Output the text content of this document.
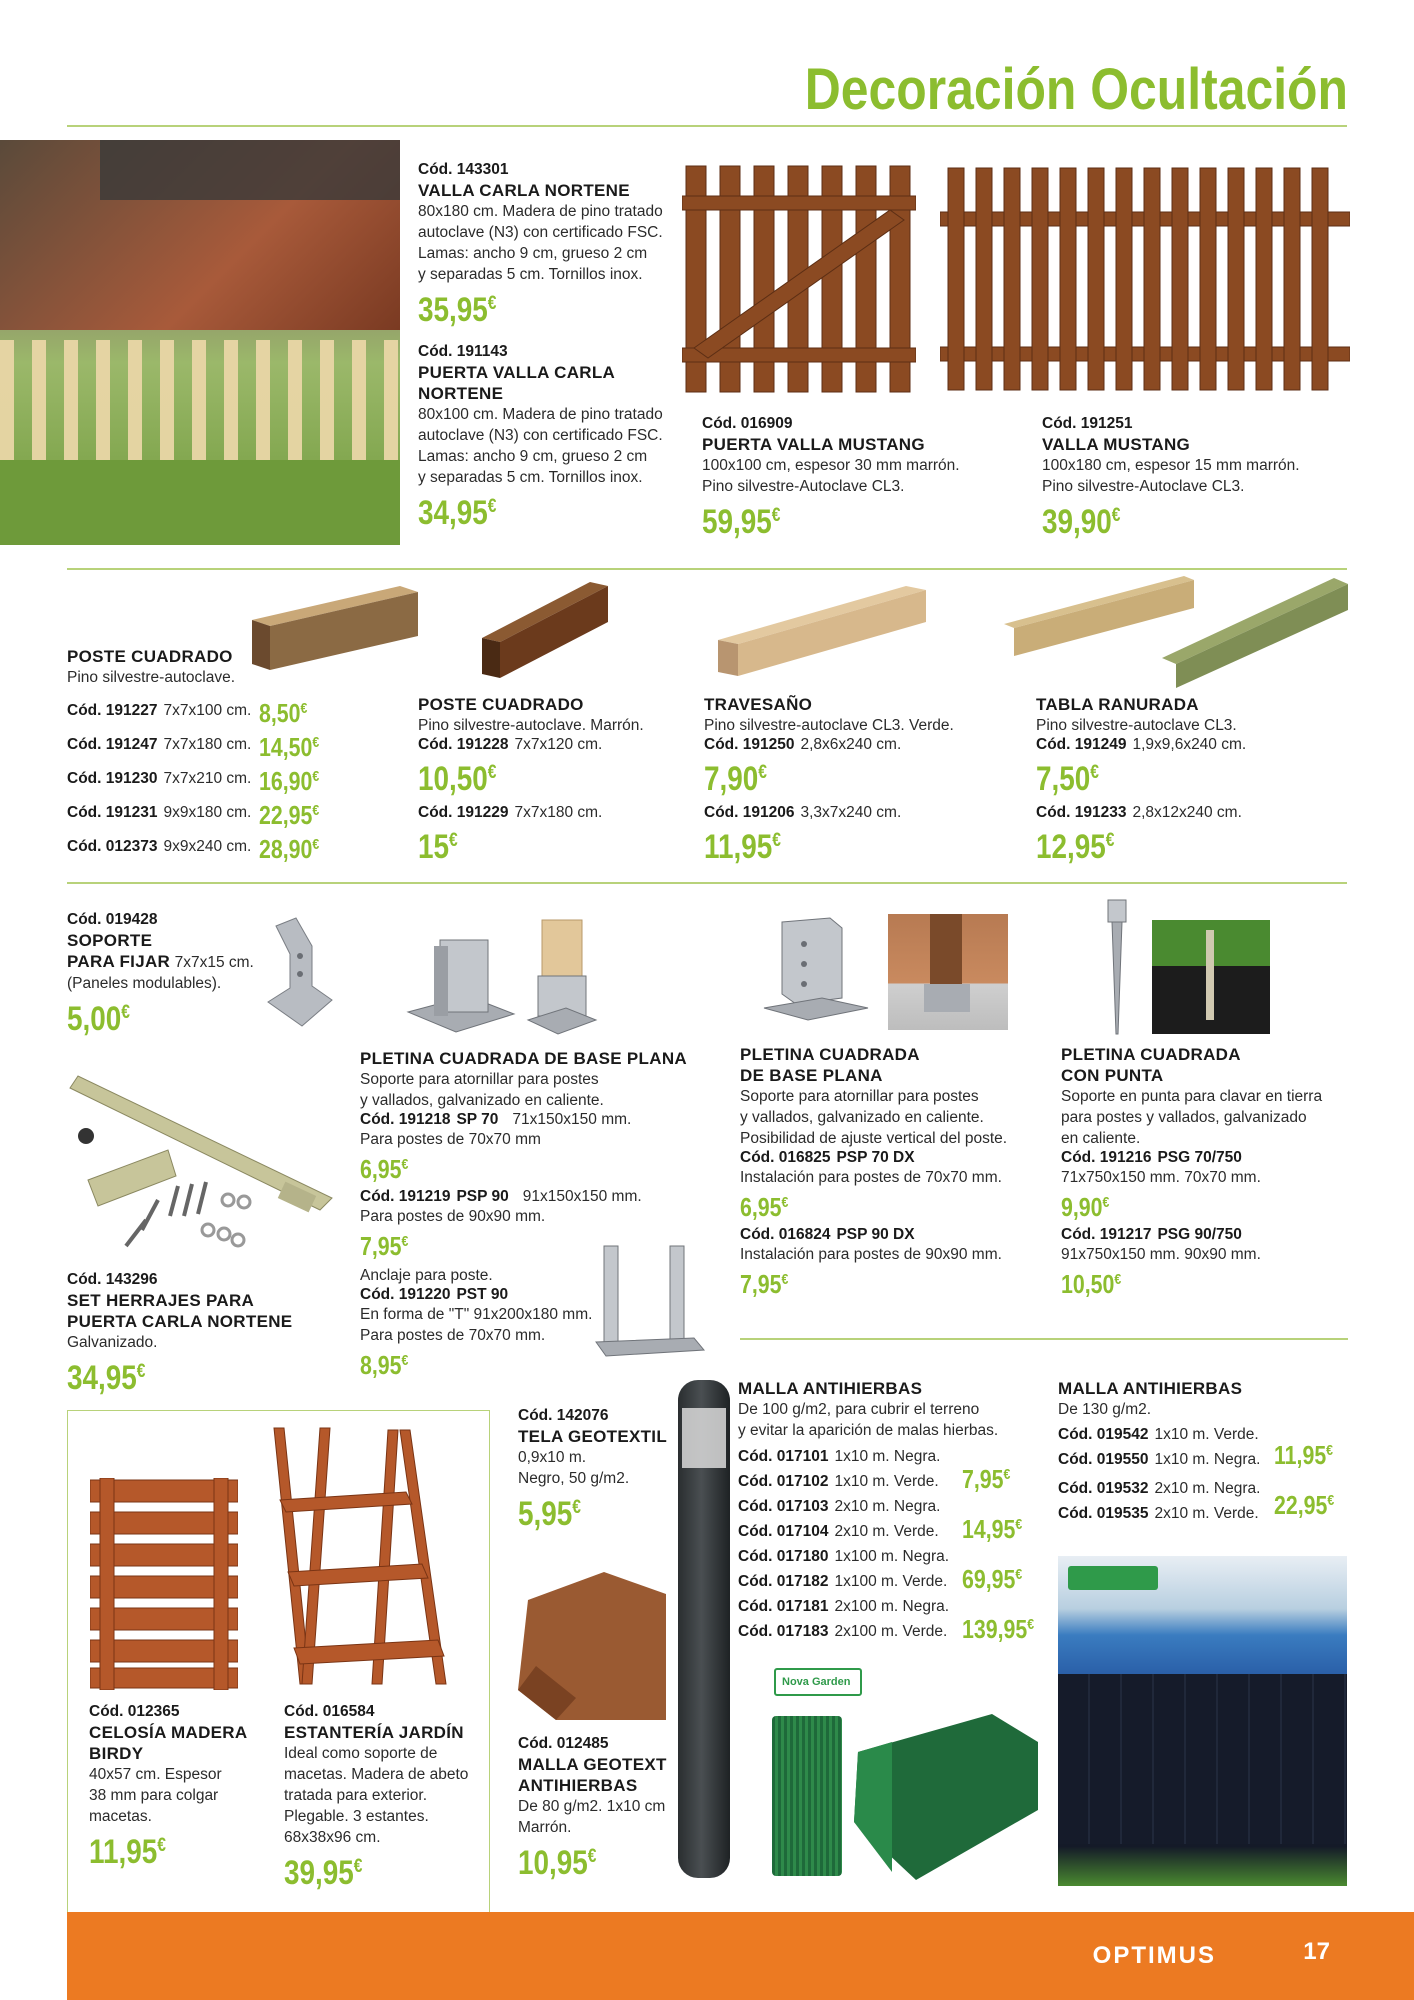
Decoración Ocultación
Cód. 143301
VALLA CARLA NORTENE
80x180 cm. Madera de pino tratado
autoclave (N3) con certificado FSC.
Lamas: ancho 9 cm, grueso 2 cm
y separadas 5 cm. Tornillos inox.
35,95€
Cód. 191143
PUERTA VALLA CARLA
NORTENE
80x100 cm. Madera de pino tratado
autoclave (N3) con certificado FSC.
Lamas: ancho 9 cm, grueso 2 cm
y separadas 5 cm. Tornillos inox.
34,95€
Cód. 016909
PUERTA VALLA MUSTANG
100x100 cm, espesor 30 mm marrón.
Pino silvestre-Autoclave CL3.
59,95€
Cód. 191251
VALLA MUSTANG
100x180 cm, espesor 15 mm marrón.
Pino silvestre-Autoclave CL3.
39,90€
POSTE CUADRADO
Pino silvestre-autoclave.
Cód. 191227 7x7x100 cm. 8,50€
Cód. 191247 7x7x180 cm. 14,50€
Cód. 191230 7x7x210 cm. 16,90€
Cód. 191231 9x9x180 cm. 22,95€
Cód. 012373 9x9x240 cm. 28,90€
POSTE CUADRADO
Pino silvestre-autoclave. Marrón.
Cód. 191228 7x7x120 cm.
10,50€
Cód. 191229 7x7x180 cm.
15€
TRAVESAÑO
Pino silvestre-autoclave CL3. Verde.
Cód. 191250 2,8x6x240 cm.
7,90€
Cód. 191206 3,3x7x240 cm.
11,95€
TABLA RANURADA
Pino silvestre-autoclave CL3.
Cód. 191249 1,9x9,6x240 cm.
7,50€
Cód. 191233 2,8x12x240 cm.
12,95€
Cód. 019428
SOPORTE
PARA FIJAR 7x7x15 cm.
(Paneles modulables).
5,00€
Cód. 143296
SET HERRAJES PARA
PUERTA CARLA NORTENE
Galvanizado.
34,95€
PLETINA CUADRADA DE BASE PLANA
Soporte para atornillar para postes
y vallados, galvanizado en caliente.
Cód. 191218 SP 70 71x150x150 mm.
Para postes de 70x70 mm
6,95€
Cód. 191219 PSP 90 91x150x150 mm.
Para postes de 90x90 mm.
7,95€
Anclaje para poste.
Cód. 191220 PST 90
En forma de "T" 91x200x180 mm.
Para postes de 70x70 mm.
8,95€
PLETINA CUADRADA
DE BASE PLANA
Soporte para atornillar para postes
y vallados, galvanizado en caliente.
Posibilidad de ajuste vertical del poste.
Cód. 016825 PSP 70 DX
Instalación para postes de 70x70 mm.
6,95€
Cód. 016824 PSP 90 DX
Instalación para postes de 90x90 mm.
7,95€
PLETINA CUADRADA
CON PUNTA
Soporte en punta para clavar en tierra
para postes y vallados, galvanizado
en caliente.
Cód. 191216 PSG 70/750
71x750x150 mm. 70x70 mm.
9,90€
Cód. 191217 PSG 90/750
91x750x150 mm. 90x90 mm.
10,50€
Cód. 012365
CELOSÍA MADERA
BIRDY
40x57 cm. Espesor
38 mm para colgar
macetas.
11,95€
Cód. 016584
ESTANTERÍA JARDÍN
Ideal como soporte de
macetas. Madera de abeto
tratada para exterior.
Plegable. 3 estantes.
68x38x96 cm.
39,95€
Cód. 142076
TELA GEOTEXTIL
0,9x10 m.
Negro, 50 g/m2.
5,95€
Cód. 012485
MALLA GEOTEXT
ANTIHIERBAS
De 80 g/m2. 1x10 cm
Marrón.
10,95€
MALLA ANTIHIERBAS
De 100 g/m2, para cubrir el terreno
y evitar la aparición de malas hierbas.
Cód. 017101 1x10 m. Negra.
Cód. 017102 1x10 m. Verde.
Cód. 017103 2x10 m. Negra.
Cód. 017104 2x10 m. Verde.
Cód. 017180 1x100 m. Negra.
Cód. 017182 1x100 m. Verde.
Cód. 017181 2x100 m. Negra.
Cód. 017183 2x100 m. Verde.
7,95€
14,95€
69,95€
139,95€
Nova Garden
MALLA ANTIHIERBAS
De 130 g/m2.
Cód. 019542 1x10 m. Verde.
Cód. 019550 1x10 m. Negra.
Cód. 019532 2x10 m. Negra.
Cód. 019535 2x10 m. Verde.
11,95€
22,95€
OPTIMUS	17
